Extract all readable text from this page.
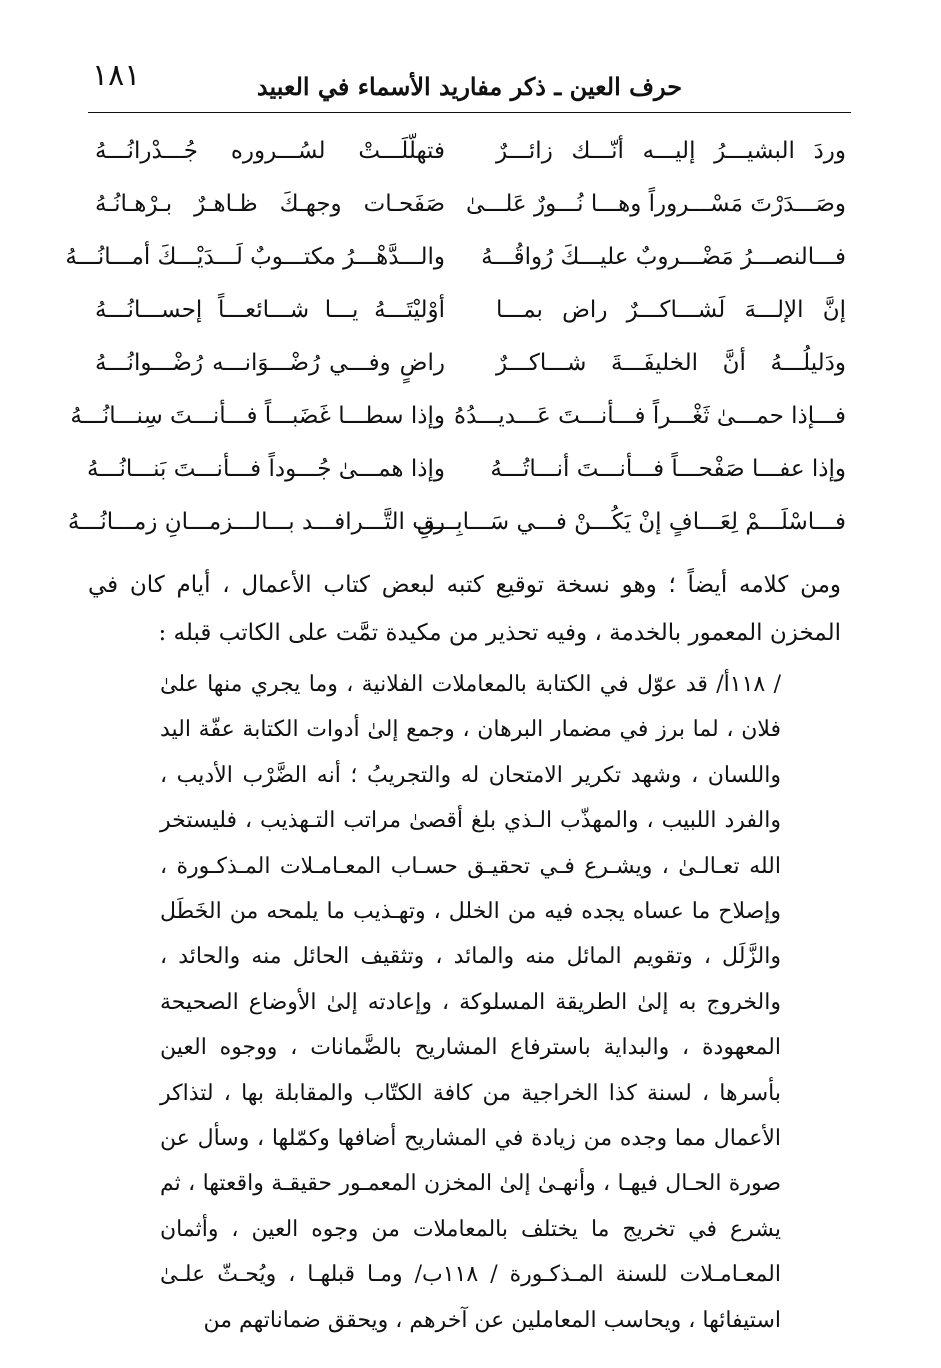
١٨١	حرف العين ـ ذكر مفاريد الأسماء في العبيد
وردَ البشيـــرُ إليـــه أنّـــك زائـــرٌ
فتهلّلَـــتْ لسُـــروره جُـــدْرانُـــهُ
وصَـــدَرْتَ مَسْـــروراً وهـــا نُـــورٌ عَلـــىٰ
صَفَحـات وجهـكَ ظـاهـرٌ بـرْهـانُـهُ
فـــالنصـــرُ مَضْـــروبٌ عليـــكَ رُواقُـــهُ
والـــدَّهْـــرُ مكتـــوبٌ لَـــدَيْـــكَ أمـــانُـــهُ
إنَّ الإلـــهَ لَشـــاكـــرٌ راض بمـــا
أوْليْتَـــهُ يـــا شـــائعـــاً إحســـانُـــهُ
ودَليلُـــهُ أنَّ الخليفَـــةَ شـــاكـــرٌ
راضٍ وفـــي رُضْـــوَانـــه رُضْـــوانُـــهُ
فـــإذا حمـــىٰ ثَغْـــراً فـــأنـــتَ عَـــديـــدُهُ
وإذا سطـــا غَضَبـــاً فـــأنـــتَ سِنـــانُـــهُ
وإذا عفـــا صَفْحـــاً فـــأنـــتَ أنـــاتُـــهُ
وإذا همـــىٰ جُـــوداً فـــأنـــتَ بَنـــانُـــهُ
فـــاسْلَـــمْ لِعَـــافٍ إنْ يَكُـــنْ فـــي سَـــابِـــقِ
رب التَّـــرافـــد بـــالـــزمـــانِ زمـــانُـــهُ

ومن كلامه أيضاً ؛ وهو نسخة توقيع كتبه لبعض كتاب الأعمال ، أيام كان في المخزن المعمور بالخدمة ، وفيه تحذير من مكيدة تمَّت على الكاتب قبله :

/ ١١٨أ/ قد عوّل في الكتابة بالمعاملات الفلانية ، وما يجري منها علىٰ فلان ، لما برز في مضمار البرهان ، وجمع إلىٰ أدوات الكتابة عفّة اليد واللسان ، وشهد تكرير الامتحان له والتجريبُ ؛ أنه الضَّرْب الأديب ، والفرد اللبيب ، والمهذّب الـذي بلغ أقصىٰ مراتب التـهذيب ، فليستخر الله تعـالـىٰ ، ويشـرع فـي تحقيـق حسـاب المعـامـلات المـذكـورة ، وإصلاح ما عساه يجده فيه من الخلل ، وتهـذيب ما يلمحه من الخَطَل والزَّلَل ، وتقويم المائل منه والمائد ، وتثقيف الحائل منه والحائد ، والخروج به إلىٰ الطريقة المسلوكة ، وإعادته إلىٰ الأوضاع الصحيحة المعهودة ، والبداية باسترفاع المشاريح بالضَّمانات ، ووجوه العين بأسرها ، لسنة كذا الخراجية من كافة الكتّاب والمقابلة بها ، لتذاكر الأعمال مما وجده من زيادة في المشاريح أضافها وكمّلها ، وسأل عن صورة الحـال فيهـا ، وأنهـىٰ إلىٰ المخزن المعمـور حقيقـة واقعتها ، ثم يشرع في تخريج ما يختلف بالمعاملات من وجوه العين ، وأثمان المعـامـلات للسنة المـذكـورة / ١١٨ب/ ومـا قبلهـا ، ويُحـثّ علـىٰ استيفائها ، ويحاسب المعاملين عن آخرهم ، ويحقق ضماناتهم من
